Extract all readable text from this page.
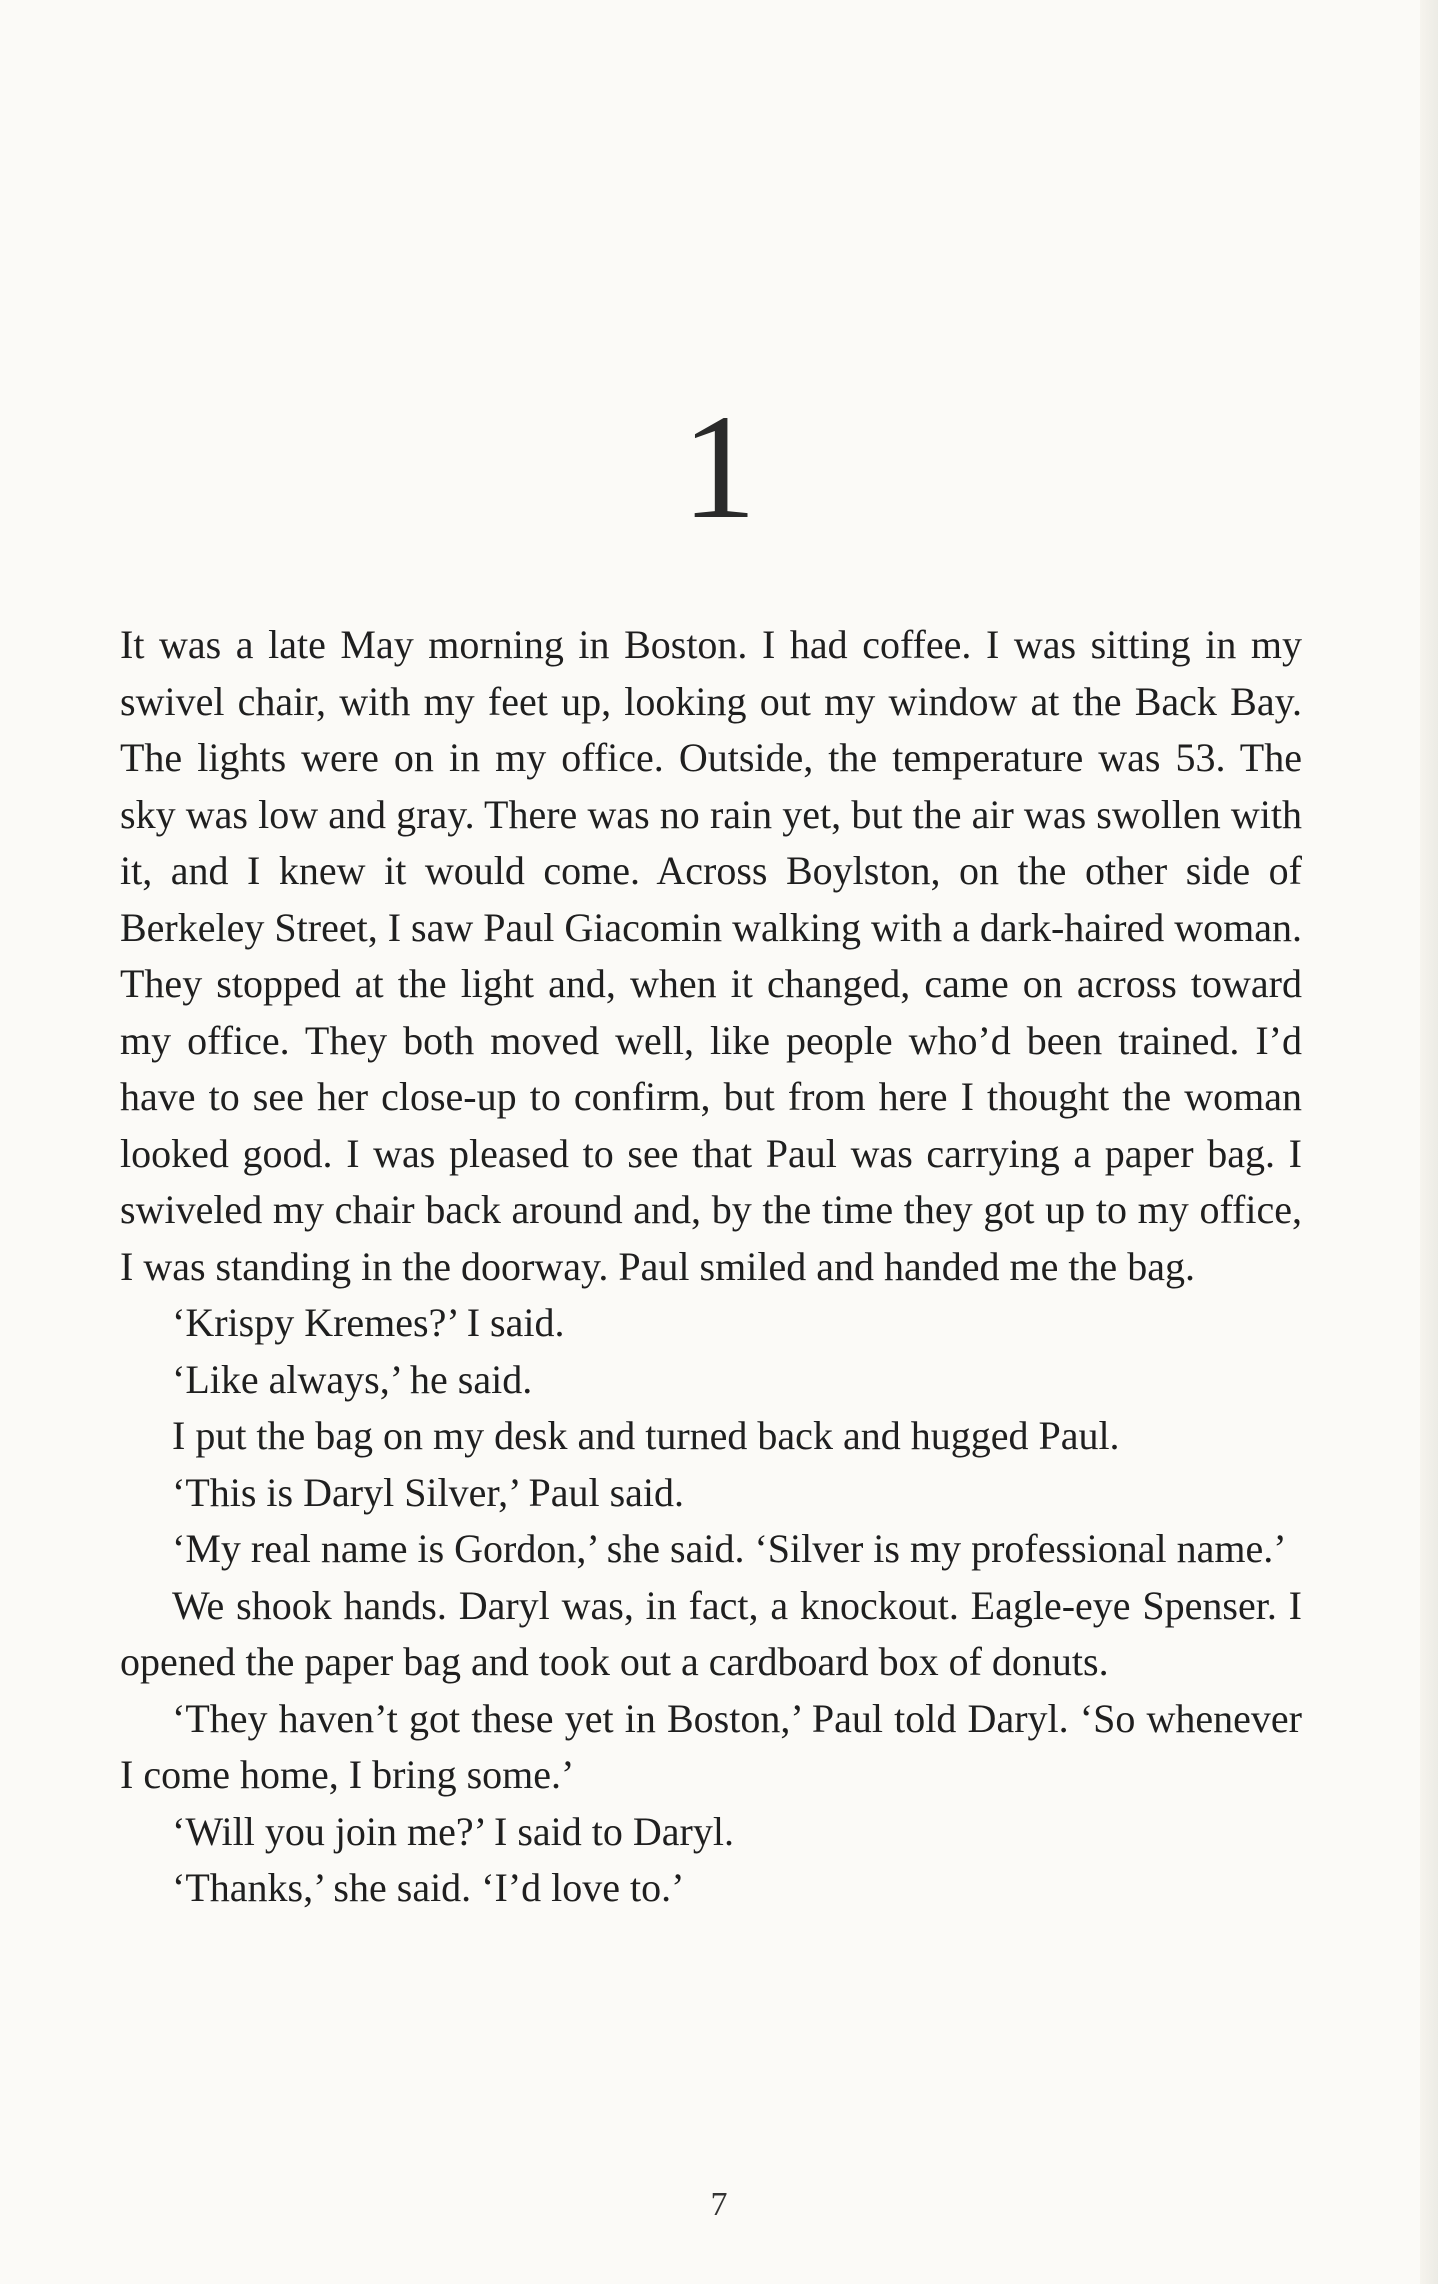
1

It was a late May morning in Boston. I had coffee. I was sitting in my swivel chair, with my feet up, looking out my window at the Back Bay. The lights were on in my office. Outside, the temperature was 53. The sky was low and gray. There was no rain yet, but the air was swollen with it, and I knew it would come. Across Boylston, on the other side of Berkeley Street, I saw Paul Giacomin walking with a dark-haired woman. They stopped at the light and, when it changed, came on across toward my office. They both moved well, like people who’d been trained. I’d have to see her close-up to confirm, but from here I thought the woman looked good. I was pleased to see that Paul was carrying a paper bag. I swiveled my chair back around and, by the time they got up to my office, I was standing in the doorway. Paul smiled and handed me the bag.

‘Krispy Kremes?’ I said.

‘Like always,’ he said.

I put the bag on my desk and turned back and hugged Paul.

‘This is Daryl Silver,’ Paul said.

‘My real name is Gordon,’ she said. ‘Silver is my professional name.’

We shook hands. Daryl was, in fact, a knockout. Eagle-eye Spenser. I opened the paper bag and took out a cardboard box of donuts.

‘They haven’t got these yet in Boston,’ Paul told Daryl. ‘So whenever I come home, I bring some.’

‘Will you join me?’ I said to Daryl.

‘Thanks,’ she said. ‘I’d love to.’

7
